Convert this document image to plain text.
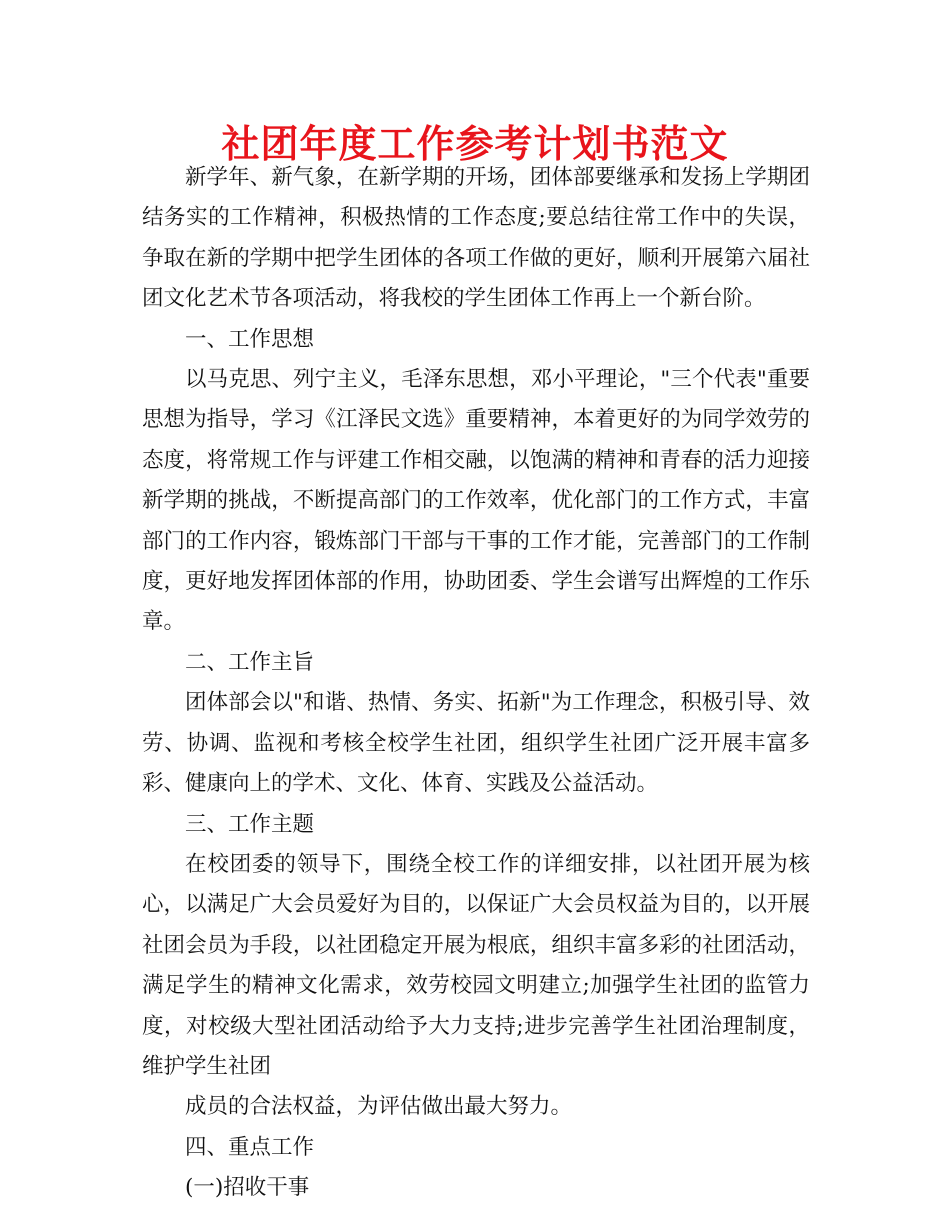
社团年度工作参考计划书范文

新学年、新气象，在新学期的开场，团体部要继承和发扬上学期团结务实的工作精神，积极热情的工作态度;要总结往常工作中的失误，争取在新的学期中把学生团体的各项工作做的更好，顺利开展第六届社团文化艺术节各项活动，将我校的学生团体工作再上一个新台阶。

一、工作思想

以马克思、列宁主义，毛泽东思想，邓小平理论，"三个代表"重要思想为指导，学习《江泽民文选》重要精神，本着更好的为同学效劳的态度，将常规工作与评建工作相交融，以饱满的精神和青春的活力迎接新学期的挑战，不断提高部门的工作效率，优化部门的工作方式，丰富部门的工作内容，锻炼部门干部与干事的工作才能，完善部门的工作制度，更好地发挥团体部的作用，协助团委、学生会谱写出辉煌的工作乐章。

二、工作主旨

团体部会以"和谐、热情、务实、拓新"为工作理念，积极引导、效劳、协调、监视和考核全校学生社团，组织学生社团广泛开展丰富多彩、健康向上的学术、文化、体育、实践及公益活动。

三、工作主题

在校团委的领导下，围绕全校工作的详细安排，以社团开展为核心，以满足广大会员爱好为目的，以保证广大会员权益为目的，以开展社团会员为手段，以社团稳定开展为根底，组织丰富多彩的社团活动，满足学生的精神文化需求，效劳校园文明建立;加强学生社团的监管力度，对校级大型社团活动给予大力支持;进步完善学生社团治理制度，维护学生社团

成员的合法权益，为评估做出最大努力。

四、重点工作

(一)招收干事
